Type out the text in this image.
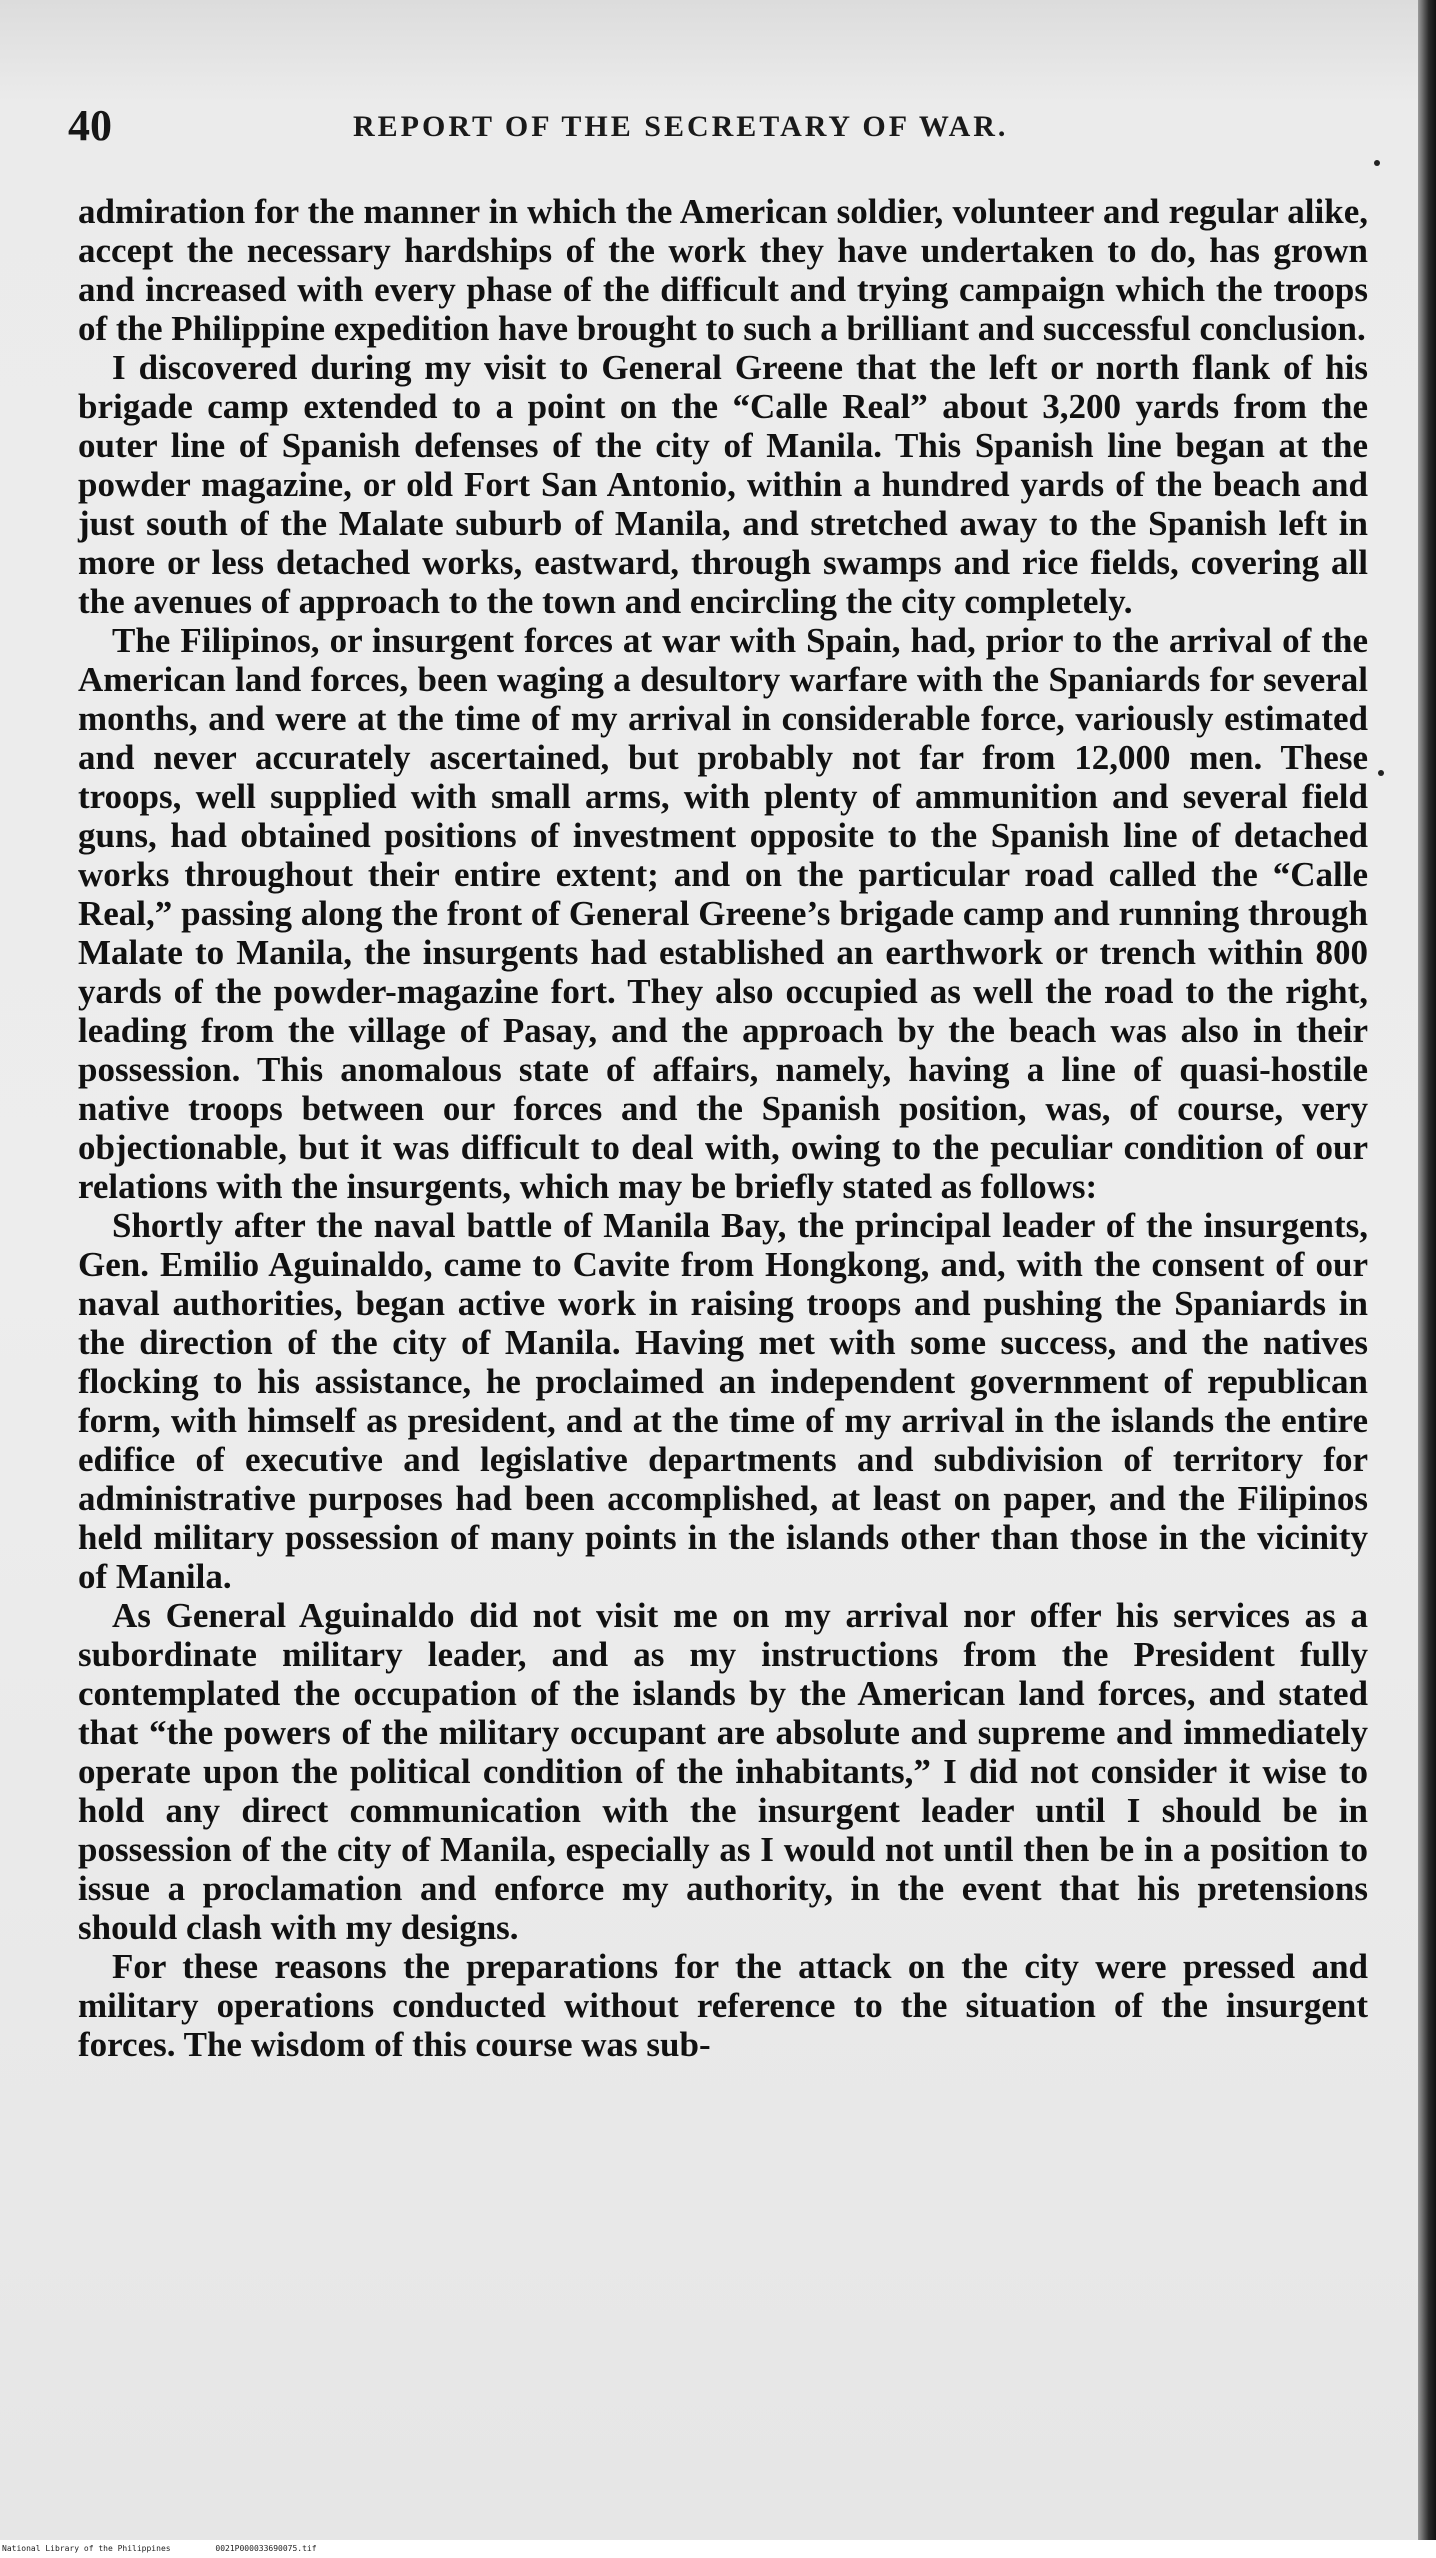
40	REPORT OF THE SECRETARY OF WAR.

admiration for the manner in which the American soldier, volunteer and regular alike, accept the necessary hardships of the work they have undertaken to do, has grown and increased with every phase of the difficult and trying campaign which the troops of the Philippine expedition have brought to such a brilliant and successful conclusion.

I discovered during my visit to General Greene that the left or north flank of his brigade camp extended to a point on the “Calle Real” about 3,200 yards from the outer line of Spanish defenses of the city of Manila. This Spanish line began at the powder magazine, or old Fort San Antonio, within a hundred yards of the beach and just south of the Malate suburb of Manila, and stretched away to the Spanish left in more or less detached works, eastward, through swamps and rice fields, covering all the avenues of approach to the town and encircling the city completely.

The Filipinos, or insurgent forces at war with Spain, had, prior to the arrival of the American land forces, been waging a desultory warfare with the Spaniards for several months, and were at the time of my arrival in considerable force, variously estimated and never accurately ascertained, but probably not far from 12,000 men. These troops, well supplied with small arms, with plenty of ammunition and several field guns, had obtained positions of investment opposite to the Spanish line of detached works throughout their entire extent; and on the particular road called the “Calle Real,” passing along the front of General Greene’s brigade camp and running through Malate to Manila, the insurgents had established an earthwork or trench within 800 yards of the powder-magazine fort. They also occupied as well the road to the right, leading from the village of Pasay, and the approach by the beach was also in their possession. This anomalous state of affairs, namely, having a line of quasi-hostile native troops between our forces and the Spanish position, was, of course, very objectionable, but it was difficult to deal with, owing to the peculiar condition of our relations with the insurgents, which may be briefly stated as follows:

Shortly after the naval battle of Manila Bay, the principal leader of the insurgents, Gen. Emilio Aguinaldo, came to Cavite from Hongkong, and, with the consent of our naval authorities, began active work in raising troops and pushing the Spaniards in the direction of the city of Manila. Having met with some success, and the natives flocking to his assistance, he proclaimed an independent government of republican form, with himself as president, and at the time of my arrival in the islands the entire edifice of executive and legislative departments and subdivision of territory for administrative purposes had been accomplished, at least on paper, and the Filipinos held military possession of many points in the islands other than those in the vicinity of Manila.

As General Aguinaldo did not visit me on my arrival nor offer his services as a subordinate military leader, and as my instructions from the President fully contemplated the occupation of the islands by the American land forces, and stated that “the powers of the military occupant are absolute and supreme and immediately operate upon the political condition of the inhabitants,” I did not consider it wise to hold any direct communication with the insurgent leader until I should be in possession of the city of Manila, especially as I would not until then be in a position to issue a proclamation and enforce my authority, in the event that his pretensions should clash with my designs.

For these reasons the preparations for the attack on the city were pressed and military operations conducted without reference to the situation of the insurgent forces. The wisdom of this course was sub-

National Library of the Philippines	0021P000033690075.tif
